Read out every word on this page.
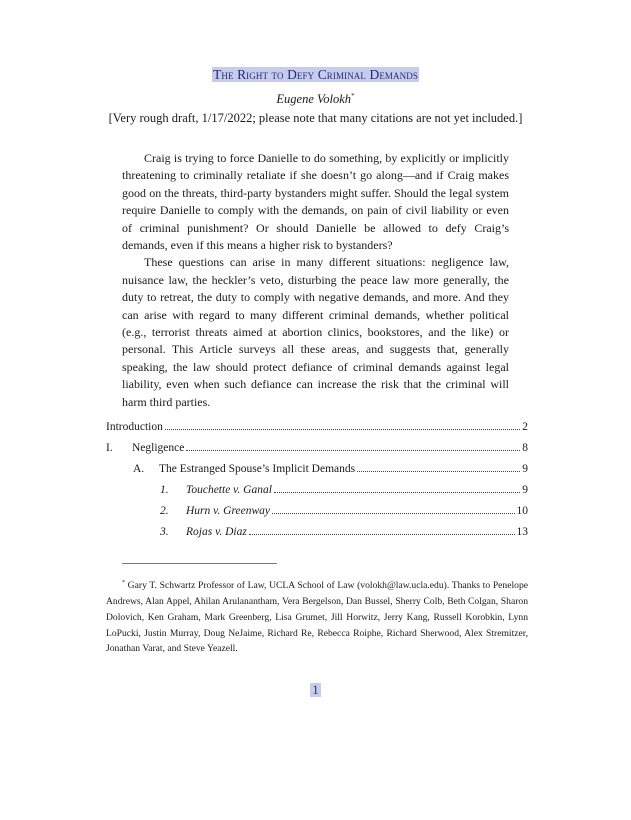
The Right to Defy Criminal Demands
Eugene Volokh*
[Very rough draft, 1/17/2022; please note that many citations are not yet included.]

Craig is trying to force Danielle to do something, by explicitly or implicitly threatening to criminally retaliate if she doesn’t go along—and if Craig makes good on the threats, third-party bystanders might suffer. Should the legal system require Danielle to comply with the demands, on pain of civil liability or even of criminal punishment? Or should Danielle be allowed to defy Craig’s demands, even if this means a higher risk to bystanders?

These questions can arise in many different situations: negligence law, nuisance law, the heckler’s veto, disturbing the peace law more generally, the duty to retreat, the duty to comply with negative demands, and more. And they can arise with regard to many different criminal demands, whether political (e.g., terrorist threats aimed at abortion clinics, bookstores, and the like) or personal. This Article surveys all these areas, and suggests that, generally speaking, the law should protect defiance of criminal demands against legal liability, even when such defiance can increase the risk that the criminal will harm third parties.

Introduction	2
I.	Negligence	8
A.	The Estranged Spouse’s Implicit Demands	9
1.	Touchette v. Ganal	9
2.	Hurn v. Greenway	10
3.	Rojas v. Diaz	13

* Gary T. Schwartz Professor of Law, UCLA School of Law (volokh@law.ucla.edu). Thanks to Penelope Andrews, Alan Appel, Ahilan Arulanantham, Vera Bergelson, Dan Bussel, Sherry Colb, Beth Colgan, Sharon Dolovich, Ken Graham, Mark Greenberg, Lisa Grumet, Jill Horwitz, Jerry Kang, Russell Korobkin, Lynn LoPucki, Justin Murray, Doug NeJaime, Richard Re, Rebecca Roiphe, Richard Sherwood, Alex Stremitzer, Jonathan Varat, and Steve Yeazell.

1
